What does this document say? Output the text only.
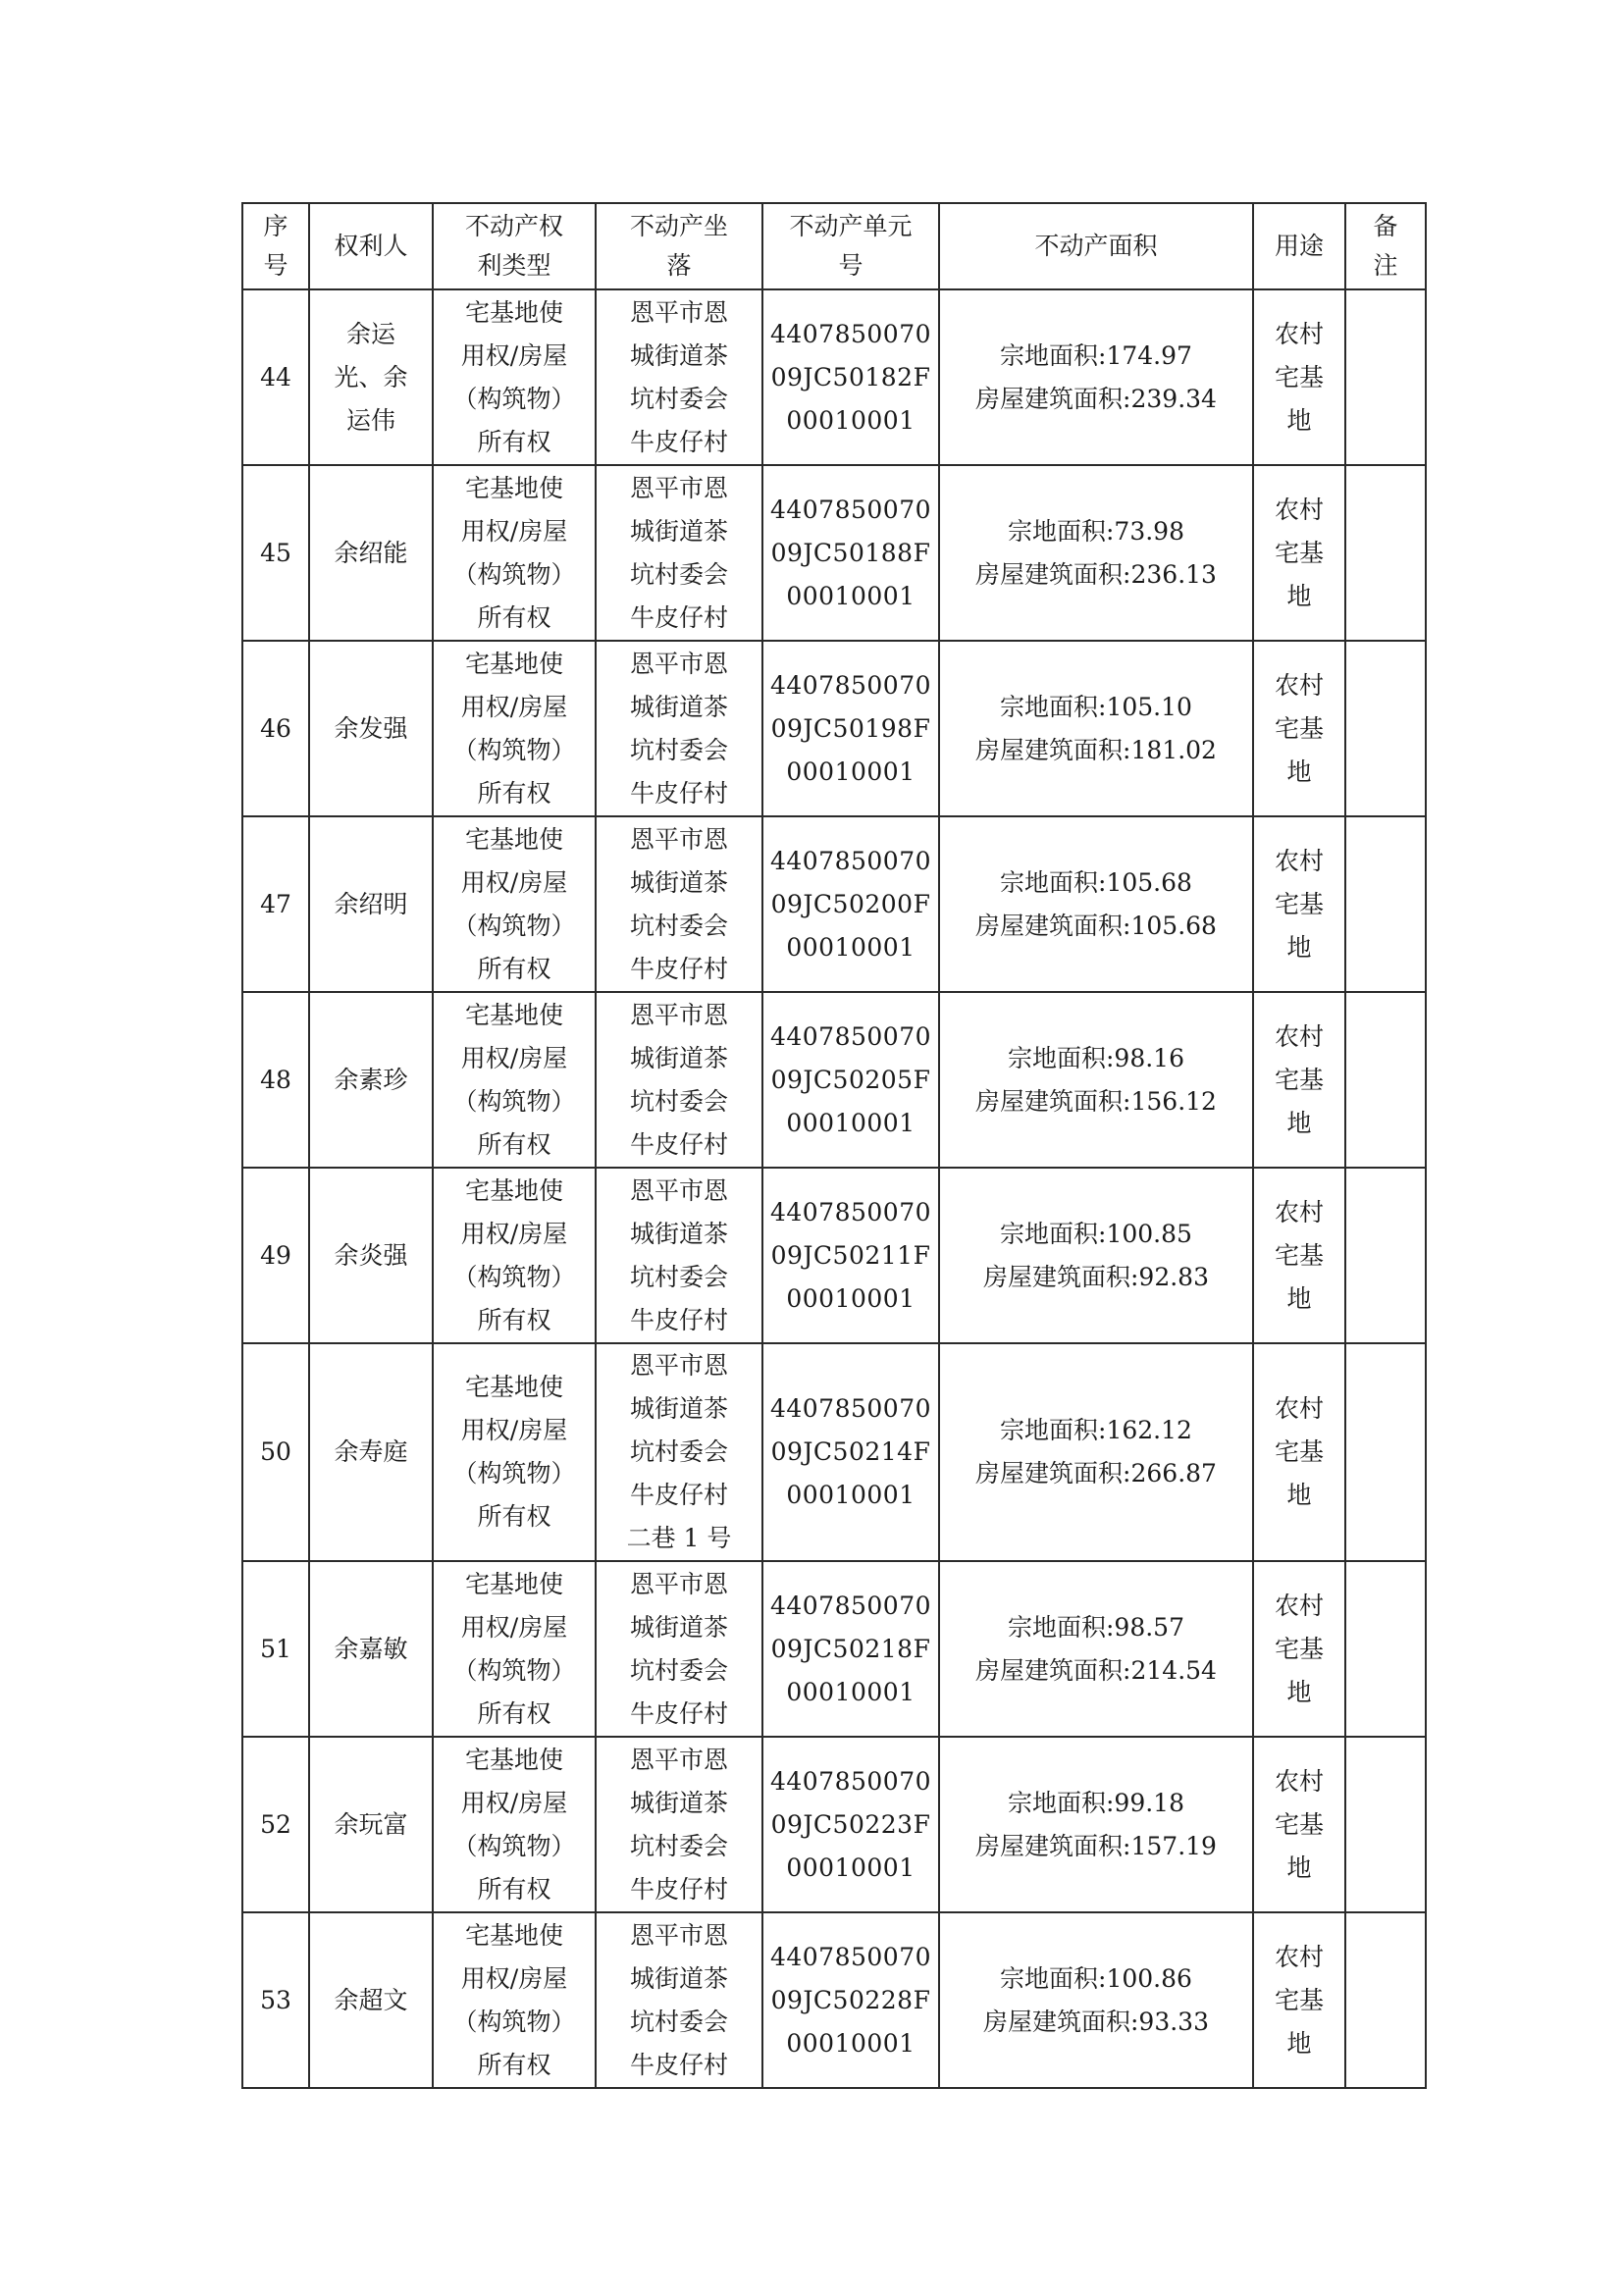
序
号	权利人	不动产权
利类型	不动产坐
落	不动产单元
号	不动产面积	用途	备
注

44	余运
光、余
运伟	宅基地使
用权/房屋
（构筑物）
所有权	恩平市恩
城街道茶
坑村委会
牛皮仔村	4407850070
09JC50182F
00010001	宗地面积:174.97
房屋建筑面积:239.34	农村
宅基
地	

45	余绍能	宅基地使
用权/房屋
（构筑物）
所有权	恩平市恩
城街道茶
坑村委会
牛皮仔村	4407850070
09JC50188F
00010001	宗地面积:73.98
房屋建筑面积:236.13	农村
宅基
地	

46	余发强	宅基地使
用权/房屋
（构筑物）
所有权	恩平市恩
城街道茶
坑村委会
牛皮仔村	4407850070
09JC50198F
00010001	宗地面积:105.10
房屋建筑面积:181.02	农村
宅基
地	

47	余绍明	宅基地使
用权/房屋
（构筑物）
所有权	恩平市恩
城街道茶
坑村委会
牛皮仔村	4407850070
09JC50200F
00010001	宗地面积:105.68
房屋建筑面积:105.68	农村
宅基
地	

48	余素珍	宅基地使
用权/房屋
（构筑物）
所有权	恩平市恩
城街道茶
坑村委会
牛皮仔村	4407850070
09JC50205F
00010001	宗地面积:98.16
房屋建筑面积:156.12	农村
宅基
地	

49	余炎强	宅基地使
用权/房屋
（构筑物）
所有权	恩平市恩
城街道茶
坑村委会
牛皮仔村	4407850070
09JC50211F
00010001	宗地面积:100.85
房屋建筑面积:92.83	农村
宅基
地	

50	余寿庭	宅基地使
用权/房屋
（构筑物）
所有权	恩平市恩
城街道茶
坑村委会
牛皮仔村
二巷 1 号	4407850070
09JC50214F
00010001	宗地面积:162.12
房屋建筑面积:266.87	农村
宅基
地	

51	余嘉敏	宅基地使
用权/房屋
（构筑物）
所有权	恩平市恩
城街道茶
坑村委会
牛皮仔村	4407850070
09JC50218F
00010001	宗地面积:98.57
房屋建筑面积:214.54	农村
宅基
地	

52	余玩富	宅基地使
用权/房屋
（构筑物）
所有权	恩平市恩
城街道茶
坑村委会
牛皮仔村	4407850070
09JC50223F
00010001	宗地面积:99.18
房屋建筑面积:157.19	农村
宅基
地	

53	余超文	宅基地使
用权/房屋
（构筑物）
所有权	恩平市恩
城街道茶
坑村委会
牛皮仔村	4407850070
09JC50228F
00010001	宗地面积:100.86
房屋建筑面积:93.33	农村
宅基
地	
